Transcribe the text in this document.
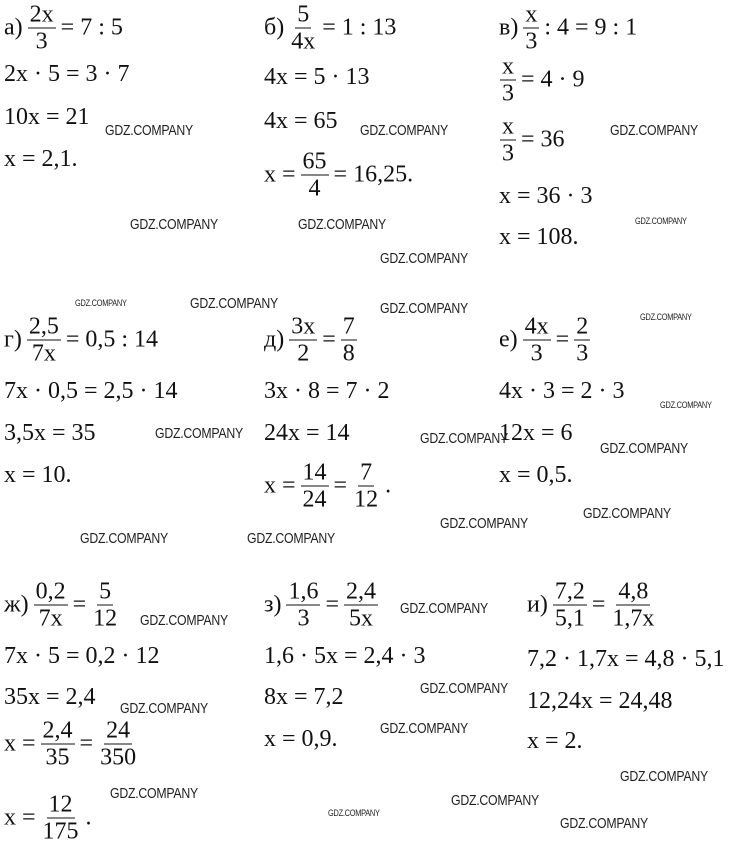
$а) \frac{2x}{3} = 7$ : 5
2x · 5 = 3 · 7
10x = 21
x = 2,1.
$б) \frac{5}{4x} = 1$ : 13
4x = 5 · 13
4x = 65
$x = \frac{65}{4} = 16,25$.
$в) \frac{x}{3}$ : 4 = 9 : 1
$\frac{x}{3} = 4 \cdot 9$
$\frac{x}{3} = 36$
x = 36 · 3
x = 108.
$г) \frac{2,5}{7x} = 0,5$ : 14
7x · 0,5 = 2,5 · 14
3,5x = 35
x = 10.
$д) \frac{3x}{2} = \frac{7}{8}$
3x · 8 = 7 · 2
24x = 14
$x = \frac{14}{24} = \frac{7}{12}$ .
$е) \frac{4x}{3} = \frac{2}{3}$
4x · 3 = 2 · 3
12x = 6
x = 0,5.
$ж) \frac{0,2}{7x} = \frac{5}{12}$
7x · 5 = 0,2 · 12
35x = 2,4
$x = \frac{2,4}{35} = \frac{24}{350}$
$x = \frac{12}{175}$ .
$з) \frac{1,6}{3} = \frac{2,4}{5x}$
1,6 · 5x = 2,4 · 3
8x = 7,2
x = 0,9.
$и) \frac{7,2}{5,1} = \frac{4,8}{1,7x}$
7,2 · 1,7x = 4,8 · 5,1
12,24x = 24,48
x = 2.
GDZ.COMPANY	GDZ.COMPANY	GDZ.COMPANY
GDZ.COMPANY	GDZ.COMPANY
GDZ.COMPANY
GDZ.COMPANY
GDZ.COMPANY	GDZ.COMPANY	GDZ.COMPANY	GDZ.COMPANY
GDZ.COMPANY	GDZ.COMPANY
GDZ.COMPANY
GDZ.COMPANY
GDZ.COMPANY	GDZ.COMPANY
GDZ.COMPANY
GDZ.COMPANY
GDZ.COMPANY
GDZ.COMPANY
GDZ.COMPANY
GDZ.COMPANY
GDZ.COMPANY
GDZ.COMPANY
GDZ.COMPANY
GDZ.COMPANY
GDZ.COMPANY
GDZ.COMPANY
